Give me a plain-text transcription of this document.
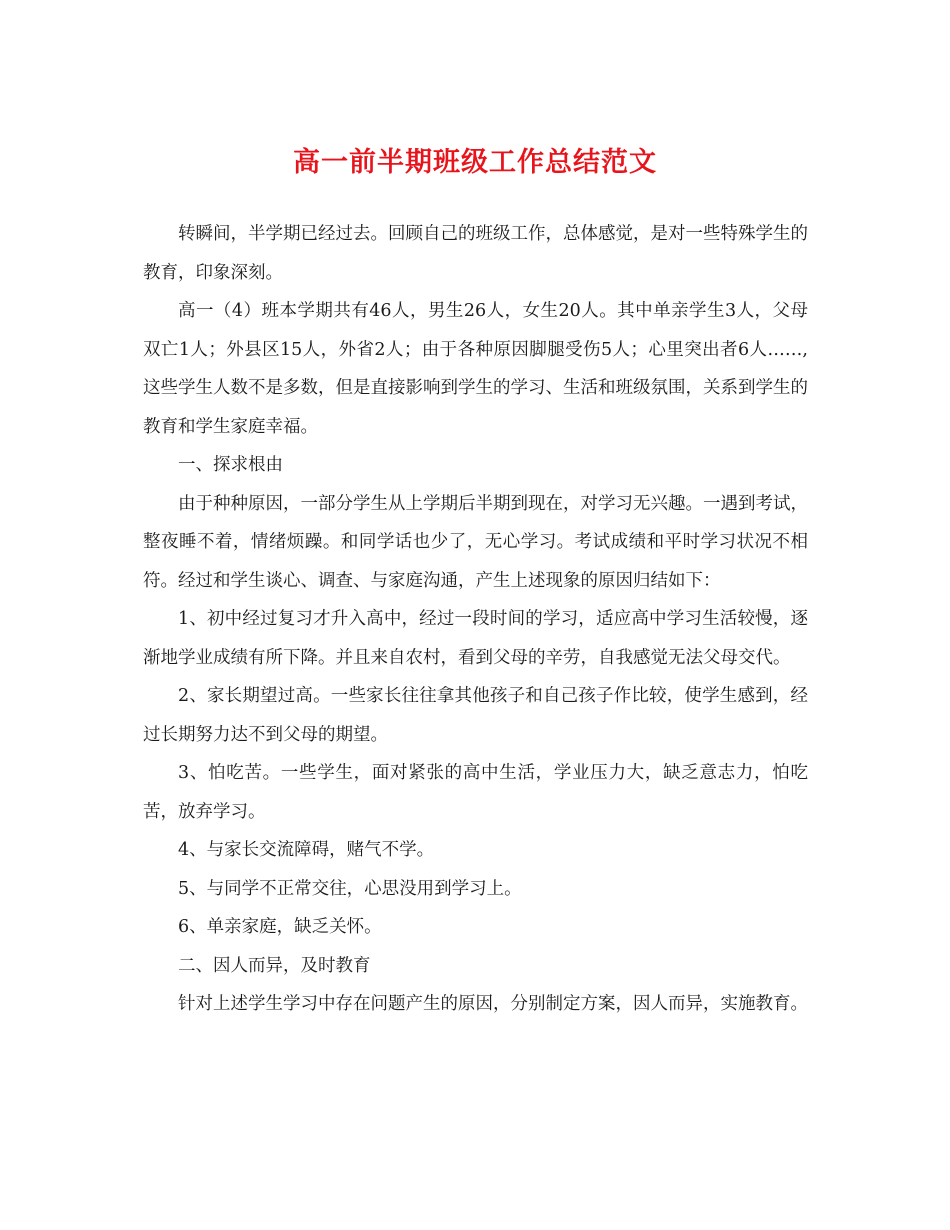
高一前半期班级工作总结范文

转瞬间，半学期已经过去。回顾自己的班级工作，总体感觉，是对一些特殊学生的教育，印象深刻。

高一（4）班本学期共有46人，男生26人，女生20人。其中单亲学生3人，父母双亡1人；外县区15人，外省2人；由于各种原因脚腿受伤5人；心里突出者6人……,这些学生人数不是多数，但是直接影响到学生的学习、生活和班级氛围，关系到学生的教育和学生家庭幸福。

一、探求根由

由于种种原因，一部分学生从上学期后半期到现在，对学习无兴趣。一遇到考试，整夜睡不着，情绪烦躁。和同学话也少了，无心学习。考试成绩和平时学习状况不相符。经过和学生谈心、调查、与家庭沟通，产生上述现象的原因归结如下：

1、初中经过复习才升入高中，经过一段时间的学习，适应高中学习生活较慢，逐渐地学业成绩有所下降。并且来自农村，看到父母的辛劳，自我感觉无法父母交代。

2、家长期望过高。一些家长往往拿其他孩子和自己孩子作比较，使学生感到，经过长期努力达不到父母的期望。

3、怕吃苦。一些学生，面对紧张的高中生活，学业压力大，缺乏意志力，怕吃苦，放弃学习。

4、与家长交流障碍，赌气不学。

5、与同学不正常交往，心思没用到学习上。

6、单亲家庭，缺乏关怀。

二、因人而异，及时教育

针对上述学生学习中存在问题产生的原因，分别制定方案，因人而异，实施教育。
